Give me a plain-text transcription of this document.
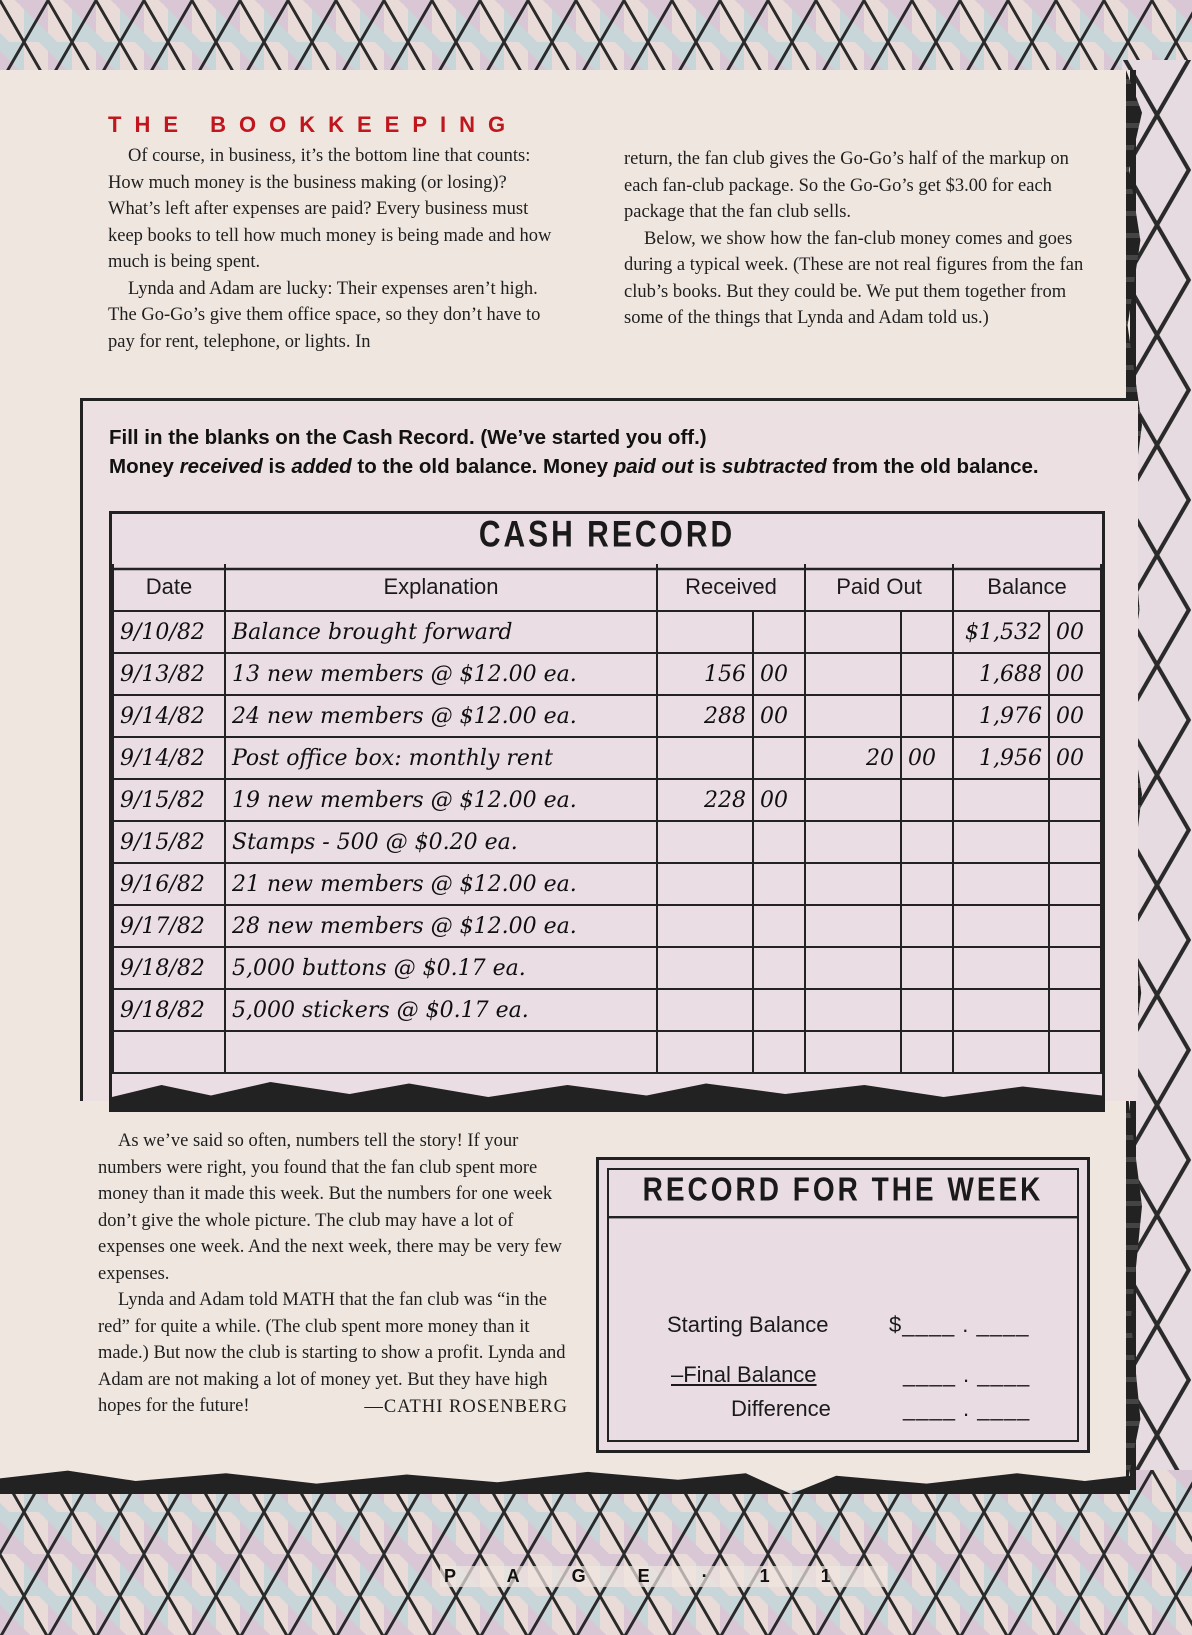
THE BOOKKEEPING

Of course, in business, it’s the bottom line that counts: How much money is the business making (or losing)? What’s left after expenses are paid? Every business must keep books to tell how much money is being made and how much is being spent.

Lynda and Adam are lucky: Their expenses aren’t high. The Go-Go’s give them office space, so they don’t have to pay for rent, telephone, or lights. In

return, the fan club gives the Go-Go’s half of the markup on each fan-club package. So the Go-Go’s get $3.00 for each package that the fan club sells.

Below, we show how the fan-club money comes and goes during a typical week. (These are not real figures from the fan club’s books. But they could be. We put them together from some of the things that Lynda and Adam told us.)

Fill in the blanks on the Cash Record. (We’ve started you off.)
Money received is added to the old balance. Money paid out is subtracted from the old balance.
CASH RECORD
Date	Explanation	Received		Paid Out		Balance	
9/10/82	Balance brought forward					$1,532	00
9/13/82	13 new members @ $12.00 ea.	156	00			1,688	00
9/14/82	24 new members @ $12.00 ea.	288	00			1,976	00
9/14/82	Post office box: monthly rent			20	00	1,956	00
9/15/82	19 new members @ $12.00 ea.	228	00				
9/15/82	Stamps - 500 @ $0.20 ea.						
9/16/82	21 new members @ $12.00 ea.						
9/17/82	28 new members @ $12.00 ea.						
9/18/82	5,000 buttons @ $0.17 ea.						
9/18/82	5,000 stickers @ $0.17 ea.						

As we’ve said so often, numbers tell the story! If your numbers were right, you found that the fan club spent more money than it made this week. But the numbers for one week don’t give the whole picture. The club may have a lot of expenses one week. And the next week, there may be very few expenses.

Lynda and Adam told MATH that the fan club was “in the red” for quite a while. (The club spent more money than it made.) But now the club is starting to show a profit. Lynda and Adam are not making a lot of money yet. But they have high hopes for the future!	—CATHI ROSENBERG
RECORD FOR THE WEEK
Starting Balance	$____ . ____
–Final Balance	____ . ____
Difference	____ . ____
PAGE·11
